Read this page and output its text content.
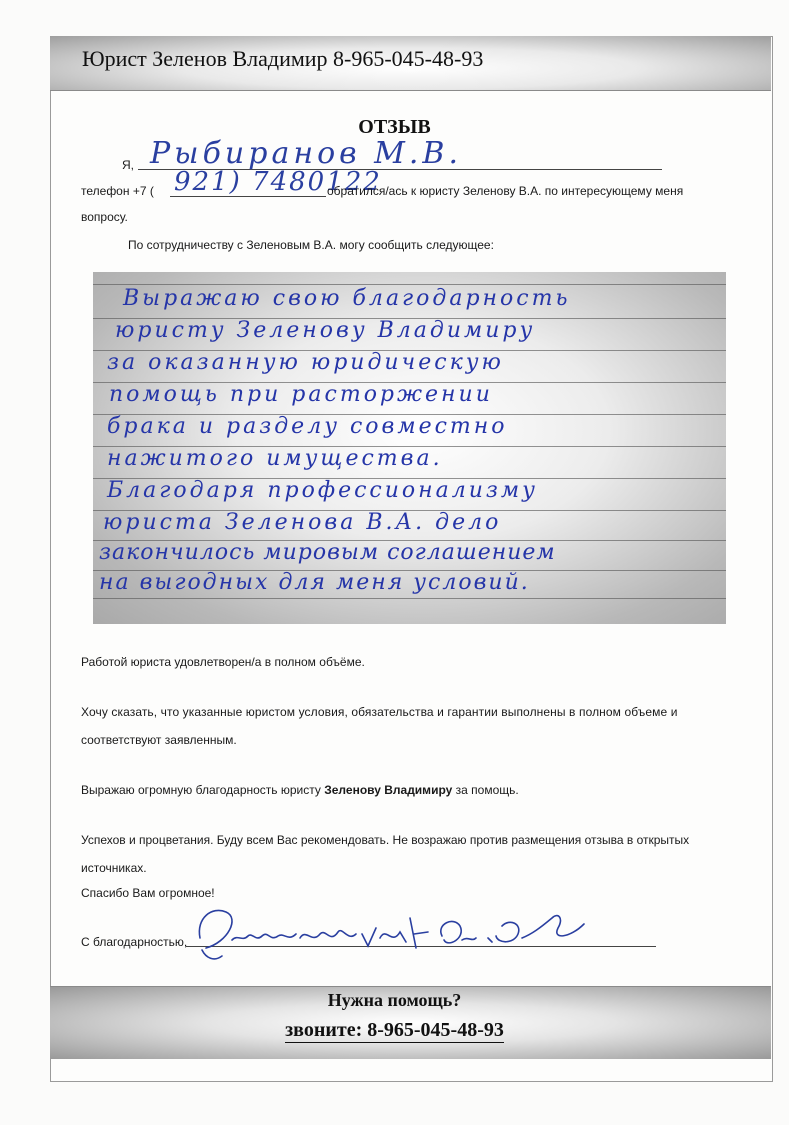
Юрист Зеленов Владимир 8-965-045-48-93
ОТЗЫВ
Я, Рыбиранов М.В.
телефон +7 ( 921) 7480122
обратился/ась к юристу Зеленову В.А. по интересующему меня
вопросу.
По сотрудничеству с Зеленовым В.А. могу сообщить следующее:
Выражаю свою благодарность
юристу Зеленову Владимиру
за оказанную юридическую
помощь при расторжении
брака и разделу совместно
нажитого имущества.
Благодаря профессионализму
юриста Зеленова В.А. дело
закончилось мировым соглашением
на выгодных для меня условий.
Работой юриста удовлетворен/а в полном объёме.
Хочу сказать, что указанные юристом условия, обязательства и гарантии выполнены в полном объеме и
соответствуют заявленным.
Выражаю огромную благодарность юристу Зеленову Владимиру за помощь.
Успехов и процветания. Буду всем Вас рекомендовать. Не возражаю против размещения отзыва в открытых
источниках.
Спасибо Вам огромное!
С благодарностью,
Нужна помощь?
звоните: 8-965-045-48-93
